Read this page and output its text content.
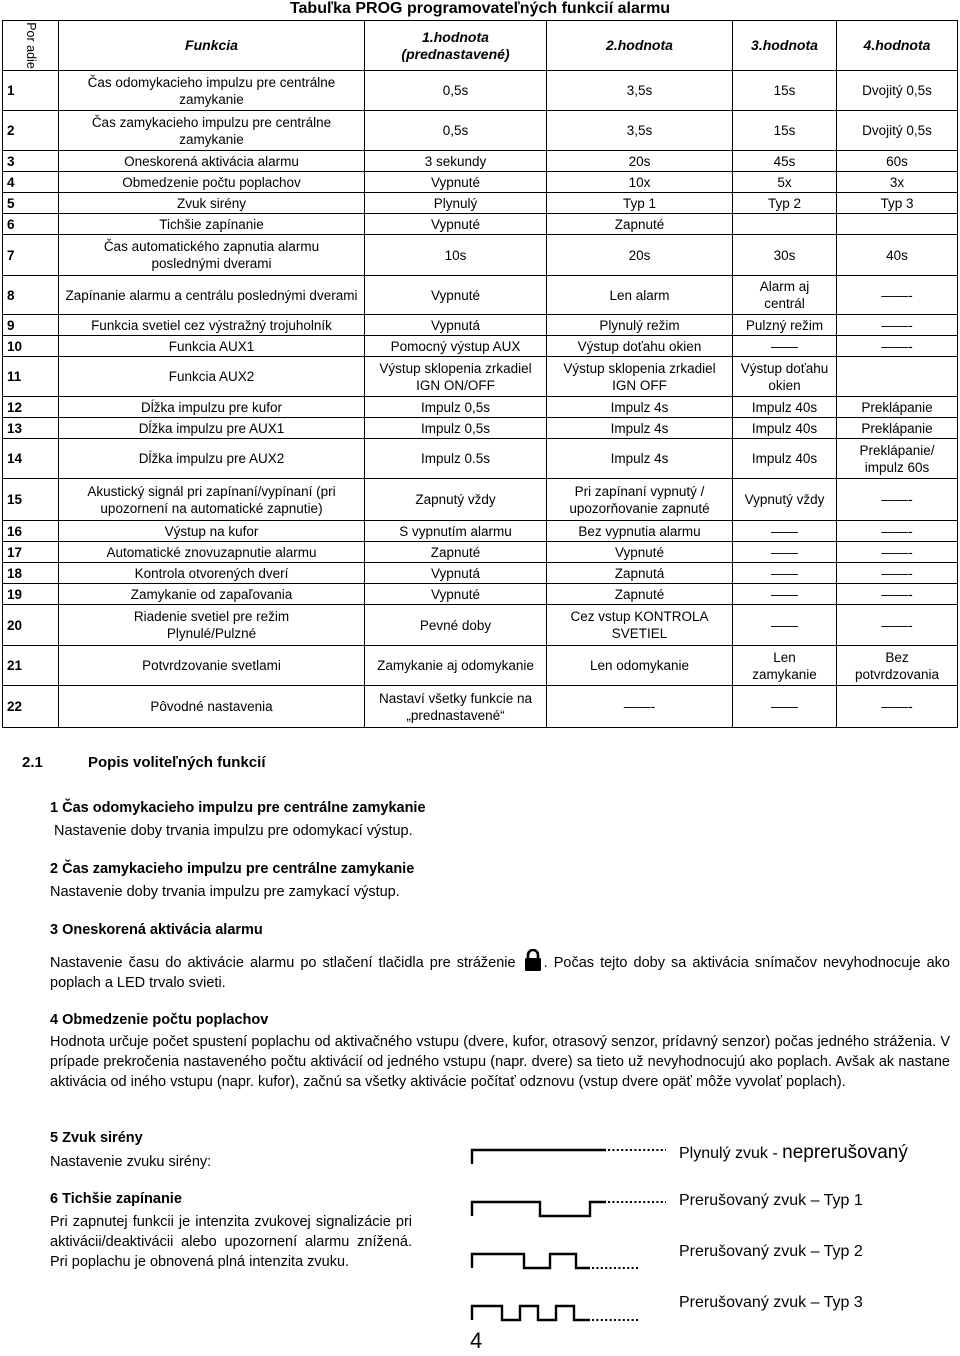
Tabuľka PROG programovateľných funkcií alarmu
Por adie	Funkcia	1.hodnota (prednastavené)	2.hodnota	3.hodnota	4.hodnota
1	Čas odomykacieho impulzu pre centrálne zamykanie	0,5s	3,5s	15s	Dvojitý 0,5s
2	Čas zamykacieho impulzu pre centrálne zamykanie	0,5s	3,5s	15s	Dvojitý 0,5s
3	Oneskorená aktivácia alarmu	3 sekundy	20s	45s	60s
4	Obmedzenie počtu poplachov	Vypnuté	10x	5x	3x
5	Zvuk sirény	Plynulý	Typ 1	Typ 2	Typ 3
6	Tichšie zapínanie	Vypnuté	Zapnuté		
7	Čas automatického zapnutia alarmu poslednými dverami	10s	20s	30s	40s
8	Zapínanie alarmu a centrálu poslednými dverami	Vypnuté	Len alarm	Alarm aj centrál	——-
9	Funkcia svetiel cez výstražný trojuholník	Vypnutá	Plynulý režim	Pulzný režim	——-
10	Funkcia AUX1	Pomocný výstup AUX	Výstup doťahu okien	——	——-
11	Funkcia AUX2	Výstup sklopenia zrkadiel IGN ON/OFF	Výstup sklopenia zrkadiel IGN OFF	Výstup doťahu okien	
12	Dĺžka impulzu pre kufor	Impulz 0,5s	Impulz 4s	Impulz 40s	Preklápanie
13	Dĺžka impulzu pre AUX1	Impulz 0,5s	Impulz 4s	Impulz 40s	Preklápanie
14	Dĺžka impulzu pre AUX2	Impulz 0.5s	Impulz 4s	Impulz 40s	Preklápanie/ impulz 60s
15	Akustický signál pri zapínaní/vypínaní (pri upozornení na automatické zapnutie)	Zapnutý vždy	Pri zapínaní vypnutý / upozorňovanie zapnuté	Vypnutý vždy	——-
16	Výstup na kufor	S vypnutím alarmu	Bez vypnutia alarmu	——	——-
17	Automatické znovuzapnutie alarmu	Zapnuté	Vypnuté	——	——-
18	Kontrola otvorených dverí	Vypnutá	Zapnutá	——	——-
19	Zamykanie od zapaľovania	Vypnuté	Zapnuté	——	——-
20	Riadenie svetiel pre režim Plynulé/Pulzné	Pevné doby	Cez vstup KONTROLA SVETIEL	——	——-
21	Potvrdzovanie svetlami	Zamykanie aj odomykanie	Len odomykanie	Len zamykanie	Bez potvrdzovania
22	Pôvodné nastavenia	Nastaví všetky funkcie na „prednastavené“	——-	——	——-
2.1	Popis voliteľných funkcií
1 Čas odomykacieho impulzu pre centrálne zamykanie
Nastavenie doby trvania impulzu pre odomykací výstup.
2 Čas zamykacieho impulzu pre centrálne zamykanie
Nastavenie doby trvania impulzu pre zamykací výstup.
3 Oneskorená aktivácia alarmu
Nastavenie času do aktivácie alarmu po stlačení tlačidla pre stráženie . Počas tejto doby sa aktivácia snímačov nevyhodnocuje ako poplach a LED trvalo svieti.
4 Obmedzenie počtu poplachov
Hodnota určuje počet spustení poplachu od aktivačného vstupu (dvere, kufor, otrasový senzor, prídavný senzor) počas jedného stráženia. V prípade prekročenia nastaveného počtu aktivácií od jedného vstupu (napr. dvere) sa tieto už nevyhodnocujú ako poplach. Avšak ak nastane aktivácia od iného vstupu (napr. kufor), začnú sa všetky aktivácie počítať odznovu (vstup dvere opäť môže vyvolať poplach).
5 Zvuk sirény
Nastavenie zvuku sirény:
6 Tichšie zapínanie
Pri zapnutej funkcii je intenzita zvukovej signalizácie pri aktivácii/deaktivácii alebo upozornení alarmu znížená. Pri poplachu je obnovená plná intenzita zvuku.
Plynulý zvuk - neprerušovaný
Prerušovaný zvuk – Typ 1
Prerušovaný zvuk – Typ 2
Prerušovaný zvuk – Typ 3
4
